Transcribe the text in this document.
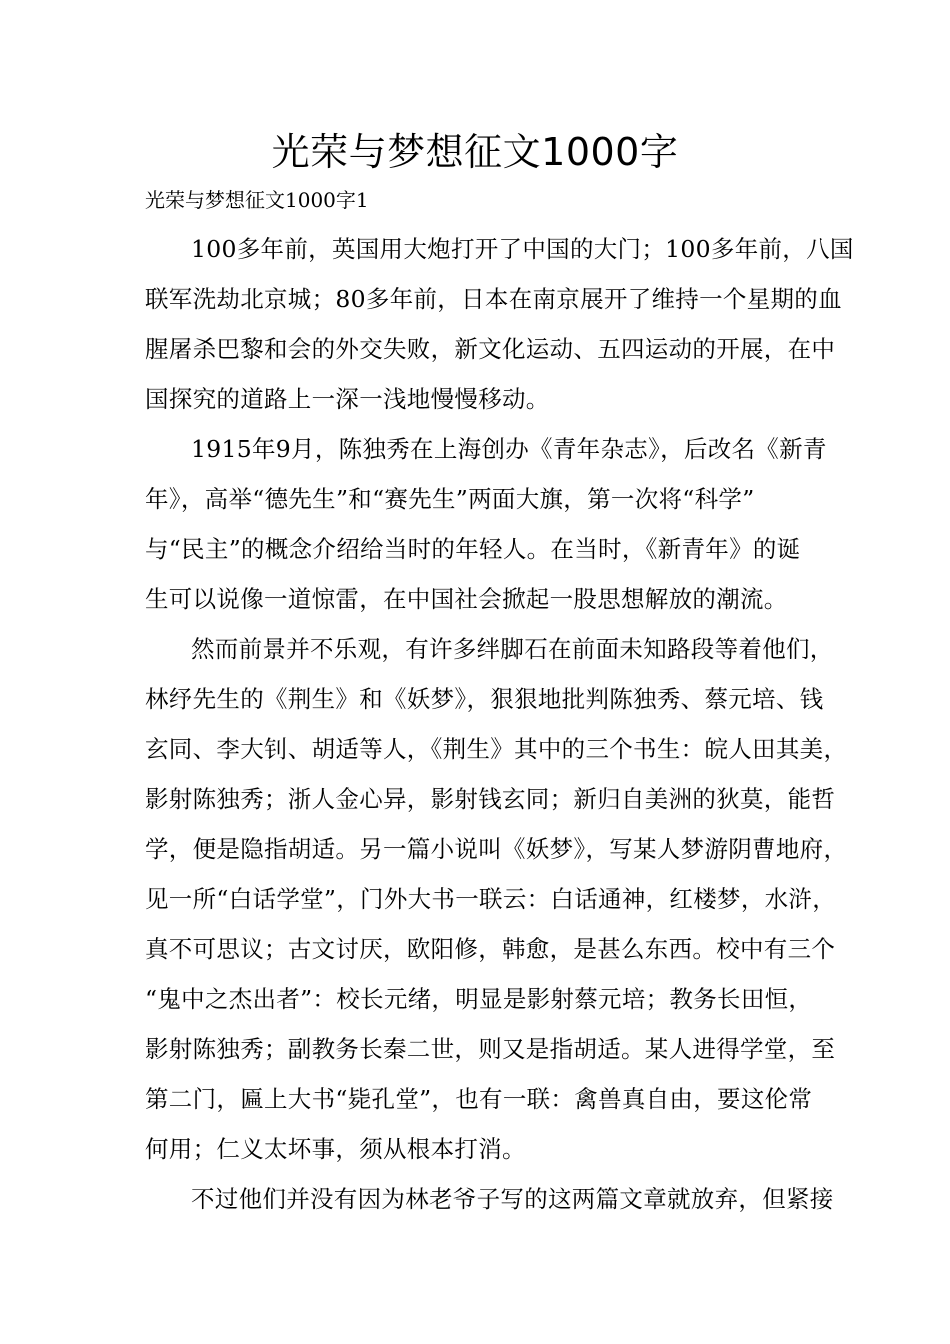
光荣与梦想征文1000字
光荣与梦想征文1000字1
100多年前，英国用大炮打开了中国的大门；100多年前，八国
联军洗劫北京城；80多年前，日本在南京展开了维持一个星期的血
腥屠杀巴黎和会的外交失败，新文化运动、五四运动的开展，在中
国探究的道路上一深一浅地慢慢移动。
1915年9月，陈独秀在上海创办《青年杂志》，后改名《新青
年》，高举“德先生”和“赛先生”两面大旗，第一次将“科学”
与“民主”的概念介绍给当时的年轻人。在当时，《新青年》的诞
生可以说像一道惊雷，在中国社会掀起一股思想解放的潮流。
然而前景并不乐观，有许多绊脚石在前面未知路段等着他们，
林纾先生的《荆生》和《妖梦》，狠狠地批判陈独秀、蔡元培、钱
玄同、李大钊、胡适等人，《荆生》其中的三个书生：皖人田其美，
影射陈独秀；浙人金心异，影射钱玄同；新归自美洲的狄莫，能哲
学，便是隐指胡适。另一篇小说叫《妖梦》，写某人梦游阴曹地府，
见一所“白话学堂”，门外大书一联云：白话通神，红楼梦，水浒，
真不可思议；古文讨厌，欧阳修，韩愈，是甚么东西。校中有三个
“鬼中之杰出者”：校长元绪，明显是影射蔡元培；教务长田恒，
影射陈独秀；副教务长秦二世，则又是指胡适。某人进得学堂，至
第二门，匾上大书“毙孔堂”，也有一联：禽兽真自由，要这伦常
何用；仁义太坏事，须从根本打消。
不过他们并没有因为林老爷子写的这两篇文章就放弃，但紧接
